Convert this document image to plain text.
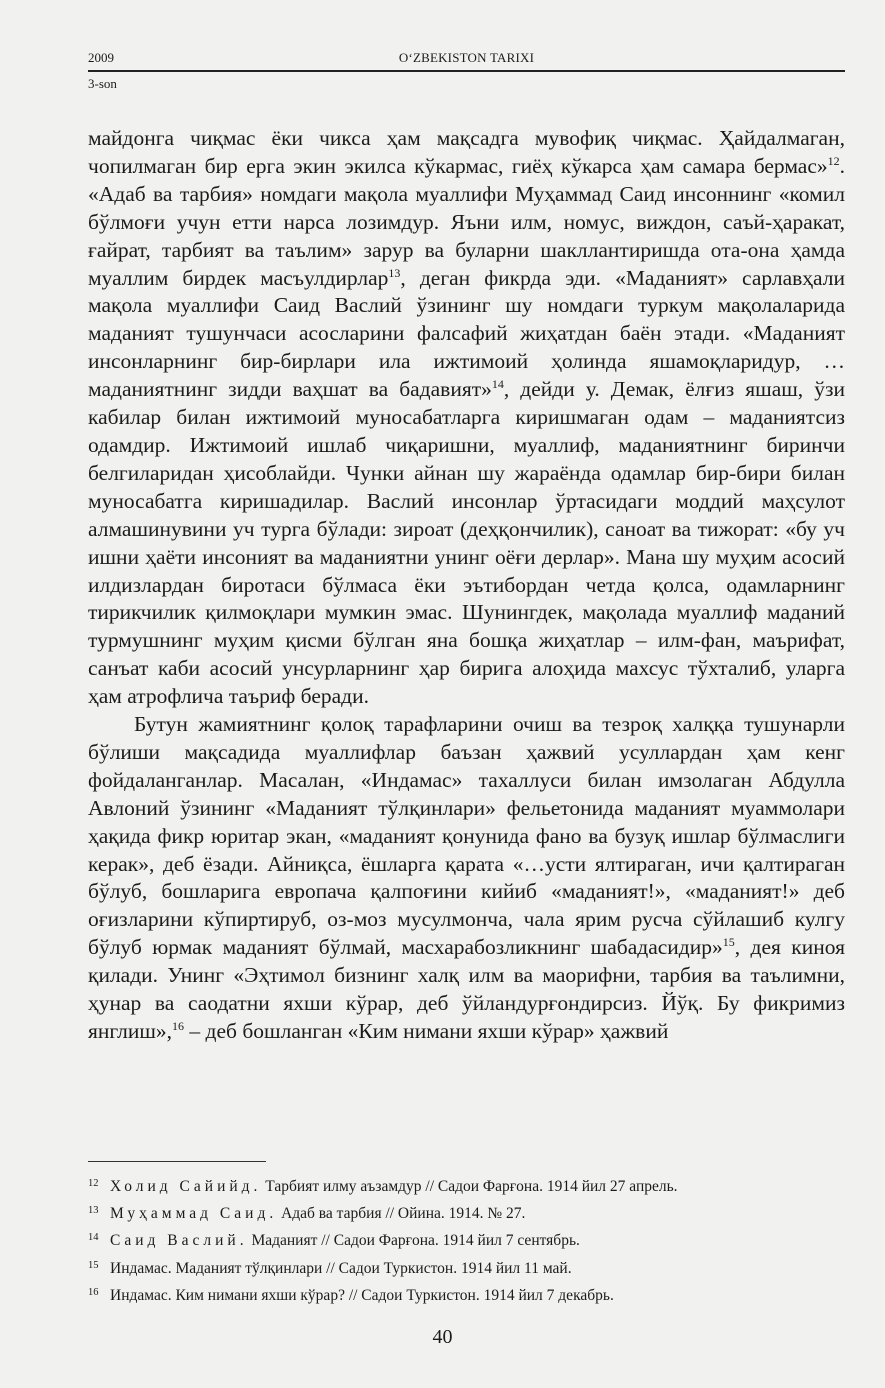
2009	O‘ZBEKISTON TARIXI
3-son

майдонга чиқмас ёки чикса ҳам мақсадга мувофиқ чиқмас. Ҳайдалмаган, чопилмаган бир ерга экин экилса кўкармас, гиёҳ кўкарса ҳам самара бермас»$^{12}$. «Адаб ва тарбия» номдаги мақола муаллифи Муҳаммад Саид инсоннинг «комил бўлмоғи учун етти нарса лозимдур. Яъни илм, номус, виждон, саъй-ҳаракат, ғайрат, тарбият ва таълим» зарур ва буларни шакллантиришда ота-она ҳамда муаллим бирдек масъулдирлар$^{13}$, деган фикрда эди. «Маданият» сарлавҳали мақола муаллифи Саид Васлий ўзининг шу номдаги туркум мақолаларида маданият тушунчаси асосларини фалсафий жиҳатдан баён этади. «Маданият инсонларнинг бир-бирлари ила ижтимоий ҳолинда яшамоқларидур, … маданиятнинг зидди ваҳшат ва бадавият»$^{14}$, дейди у. Демак, ёлғиз яшаш, ўзи кабилар билан ижтимоий муносабатларга киришмаган одам – маданиятсиз одамдир. Ижтимоий ишлаб чиқаришни, муаллиф, маданиятнинг биринчи белгиларидан ҳисоблайди. Чунки айнан шу жараёнда одамлар бир-бири билан муносабатга киришадилар. Васлий инсонлар ўртасидаги моддий маҳсулот алмашинувини уч турга бўлади: зироат (деҳқончилик), саноат ва тижорат: «бу уч ишни ҳаёти инсоният ва маданиятни унинг оёғи дерлар». Мана шу муҳим асосий илдизлардан биротаси бўлмаса ёки эътибордан четда қолса, одамларнинг тирикчилик қилмоқлари мумкин эмас. Шунингдек, мақолада муаллиф маданий турмушнинг муҳим қисми бўлган яна бошқа жиҳатлар – илм-фан, маърифат, санъат каби асосий унсурларнинг ҳар бирига алоҳида махсус тўхталиб, уларга ҳам атрофлича таъриф беради.

Бутун жамиятнинг қолоқ тарафларини очиш ва тезроқ халққа тушунарли бўлиши мақсадида муаллифлар баъзан ҳажвий усуллардан ҳам кенг фойдаланганлар. Масалан, «Индамас» тахаллуси билан имзолаган Абдулла Авлоний ўзининг «Маданият тўлқинлари» фельетонида маданият муаммолари ҳақида фикр юритар экан, «маданият қонунида фано ва бузуқ ишлар бўлмаслиги керак», деб ёзади. Айниқса, ёшларга қарата «…усти ялтираган, ичи қалтираган бўлуб, бошларига европача қалпоғини кийиб «маданият!», «маданият!» деб оғизларини кўпиртируб, оз-моз мусулмонча, чала ярим русча сўйлашиб кулгу бўлуб юрмак маданият бўлмай, масхарабозликнинг шабадасидир»$^{15}$, дея киноя қилади. Унинг «Эҳтимол бизнинг халқ илм ва маорифни, тарбия ва таълимни, ҳунар ва саодатни яхши кўрар, деб ўйландурғондирсиз. Йўқ. Бу фикримиз янглиш»,$^{16}$ – деб бошланган «Ким нимани яхши кўрар» ҳажвий

12 Холид Сайийд. Тарбият илму аъзамдур // Садои Фарғона. 1914 йил 27 апрель.
13 Муҳаммад Саид. Адаб ва тарбия // Ойина. 1914. № 27.
14 Саид Васлий. Маданият // Садои Фарғона. 1914 йил 7 сентябрь.
15 Индамас. Маданият тўлқинлари // Садои Туркистон. 1914 йил 11 май.
16 Индамас. Ким нимани яхши кўрар? // Садои Туркистон. 1914 йил 7 декабрь.
40
